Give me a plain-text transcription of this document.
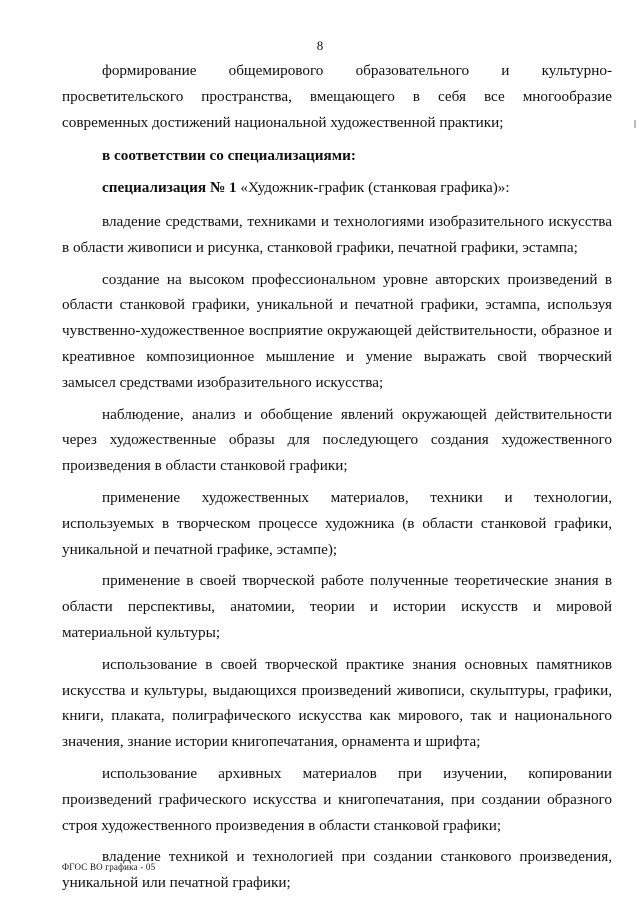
8

формирование общемирового образовательного и культурно-просветительского пространства, вмещающего в себя все многообразие современных достижений национальной художественной практики;

в соответствии со специализациями:

специализация № 1 «Художник-график (станковая графика)»:

владение средствами, техниками и технологиями изобразительного искусства в области живописи и рисунка, станковой графики, печатной графики, эстампа;

создание на высоком профессиональном уровне авторских произведений в области станковой графики, уникальной и печатной графики, эстампа, используя чувственно-художественное восприятие окружающей действительности, образное и креативное композиционное мышление и умение выражать свой творческий замысел средствами изобразительного искусства;

наблюдение, анализ и обобщение явлений окружающей действительности через художественные образы для последующего создания художественного произведения в области станковой графики;

применение художественных материалов, техники и технологии, используемых в творческом процессе художника (в области станковой графики, уникальной и печатной графике, эстампе);

применение в своей творческой работе полученные теоретические знания в области перспективы, анатомии, теории и истории искусств и мировой материальной культуры;

использование в своей творческой практике знания основных памятников искусства и культуры, выдающихся произведений живописи, скульптуры, графики, книги, плаката, полиграфического искусства как мирового, так и национального значения, знание истории книгопечатания, орнамента и шрифта;

использование архивных материалов при изучении, копировании произведений графического искусства и книгопечатания, при создании образного строя художественного произведения в области станковой графики;

владение техникой и технологией при создании станкового произведения, уникальной или печатной графики;

ФГОС ВО графика - 05
